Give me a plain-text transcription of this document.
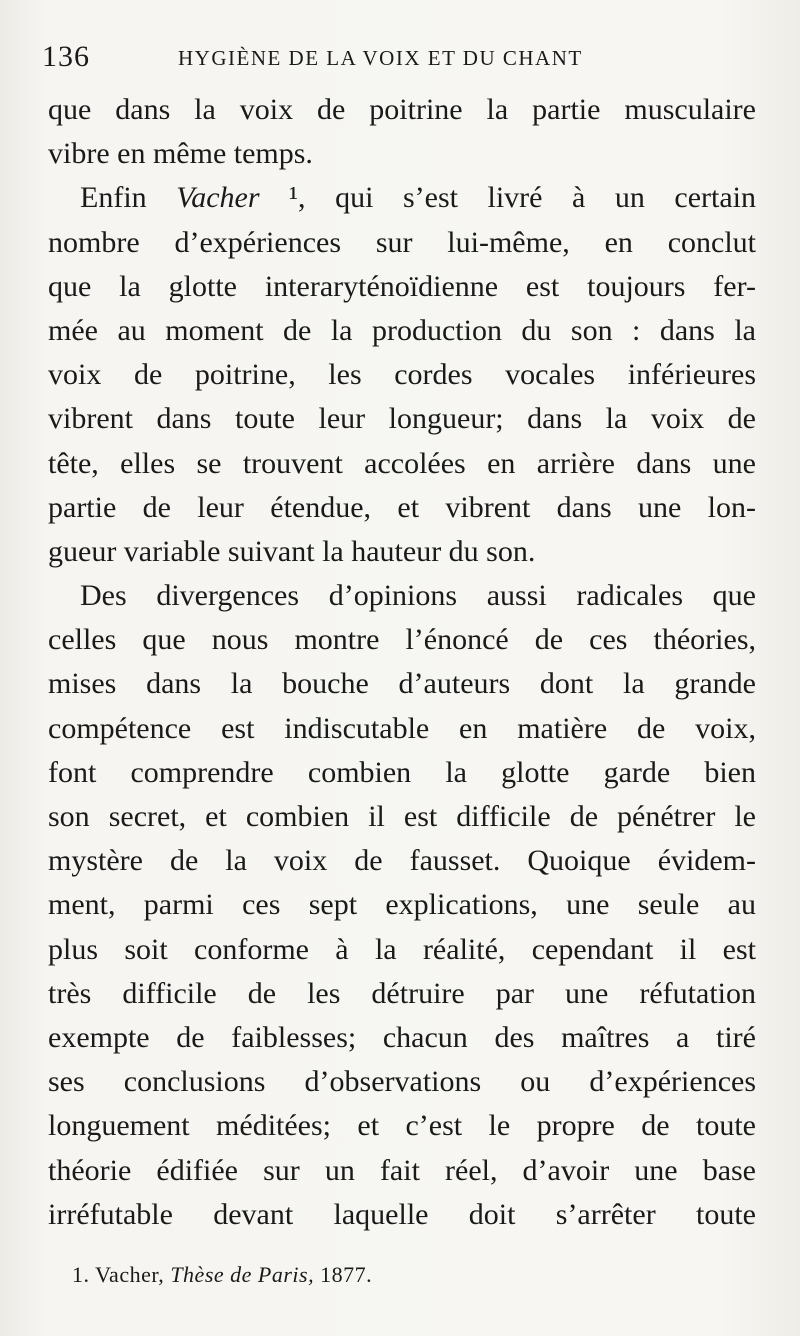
136	HYGIÈNE DE LA VOIX ET DU CHANT
que dans la voix de poitrine la partie musculaire
vibre en même temps.
Enfin Vacher ¹, qui s’est livré à un certain
nombre d’expériences sur lui-même, en conclut
que la glotte interaryténoïdienne est toujours fer-
mée au moment de la production du son : dans la
voix de poitrine, les cordes vocales inférieures
vibrent dans toute leur longueur; dans la voix de
tête, elles se trouvent accolées en arrière dans une
partie de leur étendue, et vibrent dans une lon-
gueur variable suivant la hauteur du son.
Des divergences d’opinions aussi radicales que
celles que nous montre l’énoncé de ces théories,
mises dans la bouche d’auteurs dont la grande
compétence est indiscutable en matière de voix,
font comprendre combien la glotte garde bien
son secret, et combien il est difficile de pénétrer le
mystère de la voix de fausset. Quoique évidem-
ment, parmi ces sept explications, une seule au
plus soit conforme à la réalité, cependant il est
très difficile de les détruire par une réfutation
exempte de faiblesses; chacun des maîtres a tiré
ses conclusions d’observations ou d’expériences
longuement méditées; et c’est le propre de toute
théorie édifiée sur un fait réel, d’avoir une base
irréfutable devant laquelle doit s’arrêter toute
1. Vacher, Thèse de Paris, 1877.
